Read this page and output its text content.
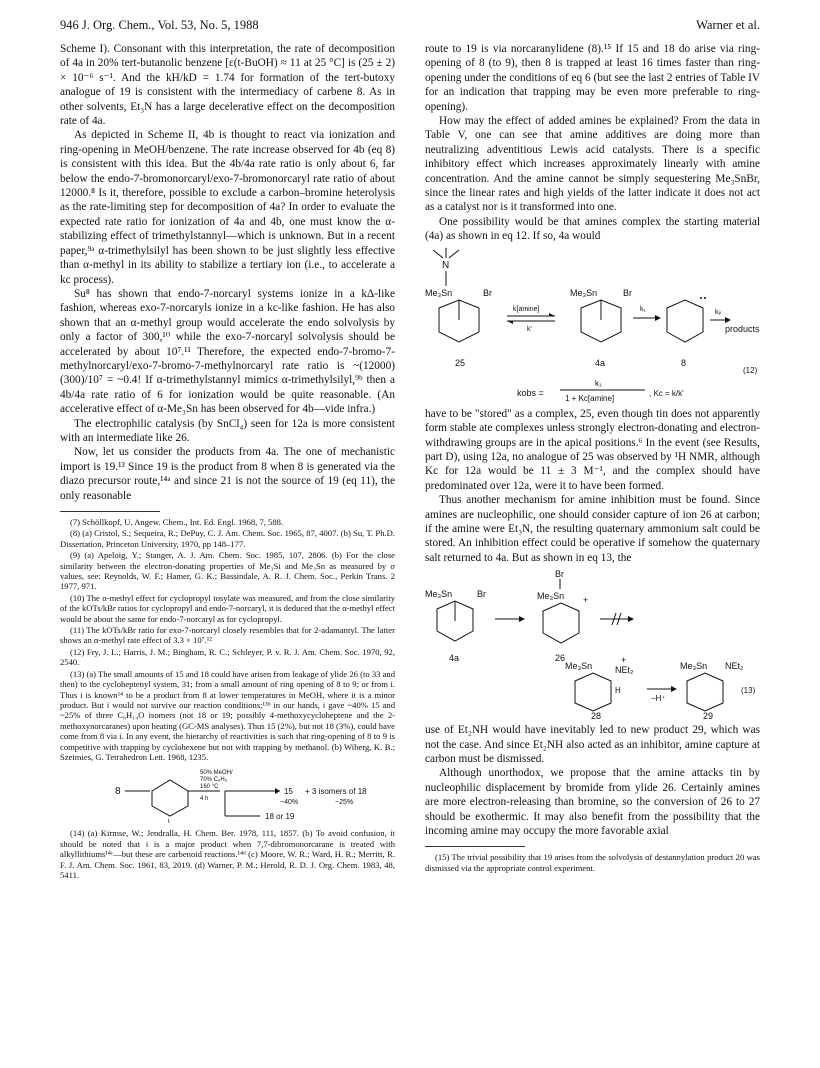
946 J. Org. Chem., Vol. 53, No. 5, 1988	Warner et al.

Scheme I). Consonant with this interpretation, the rate of decomposition of 4a in 20% tert-butanolic benzene [ε(t-BuOH) ≈ 11 at 25 °C] is (25 ± 2) × 10⁻⁶ s⁻¹. And the kH/kD = 1.74 for formation of the tert-butoxy analogue of 19 is consistent with the intermediacy of carbene 8. As in other solvents, Et₃N has a large decelerative effect on the decomposition rate of 4a.

As depicted in Scheme II, 4b is thought to react via ionization and ring-opening in MeOH/benzene. The rate increase observed for 4b (eq 8) is consistent with this idea. But the 4b/4a rate ratio is only about 6, far below the endo-7-bromonorcaryl/exo-7-bromonorcaryl rate ratio of about 12000.⁸ Is it, therefore, possible to exclude a carbon–bromine heterolysis as the rate-limiting step for decomposition of 4a? In order to evaluate the expected rate ratio for ionization of 4a and 4b, one must know the α-stabilizing effect of trimethylstannyl—which is unknown. But in a recent paper,⁹ᵃ α-trimethylsilyl has been shown to be just slightly less effective than α-methyl in its ability to stabilize a tertiary ion (i.e., to accelerate a kc process).

Su⁸ has shown that endo-7-norcaryl systems ionize in a kΔ-like fashion, whereas exo-7-norcaryls ionize in a kc-like fashion. He has also shown that an α-methyl group would accelerate the endo solvolysis by only a factor of 300,¹⁰ while the exo-7-norcaryl solvolysis should be accelerated by about 10⁷.¹¹ Therefore, the expected endo-7-bromo-7-methylnorcaryl/exo-7-bromo-7-methylnorcaryl rate ratio is ~(12000)(300)/10⁷ = ~0.4! If α-trimethylstannyl mimics α-trimethylsilyl,⁹ᵇ then a 4b/4a rate ratio of 6 for ionization would be quite reasonable. (An accelerative effect of α-Me₃Sn has been observed for 4b—vide infra.)

The electrophilic catalysis (by SnCl₄) seen for 12a is more consistent with an intermediate like 26.

Now, let us consider the products from 4a. The one of mechanistic import is 19.¹³ Since 19 is the product from 8 when 8 is generated via the diazo precursor route,¹⁴ᵃ and since 21 is not the source of 19 (eq 11), the only reasonable

(7) Schöllkopf, U. Angew. Chem., Int. Ed. Engl. 1968, 7, 588.

(8) (a) Cristol, S.; Sequeira, R.; DePuy, C. J. Am. Chem. Soc. 1965, 87, 4007. (b) Su, T. Ph.D. Dissertation, Princeton University, 1970, pp 148–177.

(9) (a) Apeloig, Y.; Stanger, A. J. Am. Chem. Soc. 1985, 107, 2806. (b) For the close similarity between the electron-donating properties of Me₃Si and Me₃Sn as measured by σ values, see: Reynolds, W. F.; Hamer, G. K.; Bassindale, A. R. J. Chem. Soc., Perkin Trans. 2 1977, 971.

(10) The α-methyl effect for cyclopropyl tosylate was measured, and from the close similarity of the kOTs/kBr ratios for cyclopropyl and endo-7-norcaryl, it is deduced that the α-methyl effect would be about the same for endo-7-norcaryl as for cyclopropyl.

(11) The kOTs/kBr ratio for exo-7-norcaryl closely resembles that for 2-adamantyl. The latter shows an α-methyl rate effect of 3.3 × 10⁷.¹²

(12) Fry, J. L.; Harris, J. M.; Bingham, R. C.; Schleyer, P. v. R. J. Am. Chem. Soc. 1970, 92, 2540.

(13) (a) The small amounts of 15 and 18 could have arisen from leakage of ylide 26 (to 33 and then) to the cycloheptenyl system, 31; from a small amount of ring opening of 8 to 9; or from i. Thus i is known¹⁴ to be a product from 8 at lower temperatures in MeOH, where it is a minor product. But i would not survive our reaction conditions;¹³ᵇ in our hands, i gave ~40% 15 and ~25% of three C₈H₁₄O isomers (not 18 or 19; possibly 4-methoxycycloheptene and the 2-methoxynorcaranes) upon heating (GC-MS analyses). Thus 15 (2%), but not 18 (3%), could have come from 8 via i. In any event, the hierarchy of reactivities is such that ring-opening of 8 to 9 is competitive with trapping by cyclohexene but not with trapping by methanol. (b) Wiberg, K. B.; Szeimies, G. Tetrahedron Lett. 1968, 1235.

8
50% MeOH/
70% C₆H₆
160 °C
4 h
15 + 3 isomers of 18
~40%	~25%
18 or 19
i

(14) (a) Kirmse, W.; Jendralla, H. Chem. Ber. 1978, 111, 1857. (b) To avoid confusion, it should be noted that i is a major product when 7,7-dibromonorcarane is treated with alkyllithiums¹⁴ᶜ—but these are carbenoid reactions.¹⁴ᵈ (c) Moore, W. R.; Ward, H. R.; Merritt, R. F. J. Am. Chem. Soc. 1961, 83, 2019. (d) Warner, P. M.; Herold, R. D. J. Org. Chem. 1983, 48, 5411.

route to 19 is via norcaranylidene (8).¹⁵ If 15 and 18 do arise via ring-opening of 8 (to 9), then 8 is trapped at least 16 times faster than ring-opening under the conditions of eq 6 (but see the last 2 entries of Table IV for an indication that trapping may be even more preferable to ring-opening).

How may the effect of added amines be explained? From the data in Table V, one can see that amine additives are doing more than neutralizing adventitious Lewis acid catalysts. There is a specific inhibitory effect which increases approximately linearly with amine concentration. And the amine cannot be simply sequestering Me₃SnBr, since the linear rates and high yields of the latter indicate it does not act as a catalyst nor is it transformed into one.

One possibility would be that amines complex the starting material (4a) as shown in eq 12. If so, 4a would

N
Me₃Sn	Br
25
k[amine]
k'
Me₃Sn	Br
4a
k₁
8
kₚ
products
(12)
kobs =
k₁
1 + Kc[amine]
, Kc = k/k'

have to be "stored" as a complex, 25, even though tin does not apparently form stable ate complexes unless strongly electron-donating and electron-withdrawing groups are in the apical positions.⁶ In the event (see Results, part D), using 12a, no analogue of 25 was observed by ¹H NMR, although Kc for 12a would be 11 ± 3 M⁻¹, and the complex should have predominated over 12a, were it to have been formed.

Thus another mechanism for amine inhibition must be found. Since amines are nucleophilic, one should consider capture of ion 26 at carbon; if the amine were Et₃N, the resulting quaternary ammonium salt could be stored. An inhibition effect could be operative if somehow the quaternary salt returned to 4a. But as shown in eq 13, the

Me₃Sn	Br
4a
Br
Me₃Sn +
26
Me₃Sn
+
NEt₂
H
28
−H⁺
Me₃Sn NEt₂
29
(13)

use of Et₂NH would have inevitably led to new product 29, which was not the case. And since Et₂NH also acted as an inhibitor, amine capture at carbon must be dismissed.

Although unorthodox, we propose that the amine attacks tin by nucleophilic displacement by bromide from ylide 26. Certainly amines are more electron-releasing than bromine, so the conversion of 26 to 27 should be exothermic. It may also benefit from the possibility that the incoming amine may occupy the more favorable axial

(15) The trivial possibility that 19 arises from the solvolysis of destannylation product 20 was dismissed via the appropriate control experiment.
